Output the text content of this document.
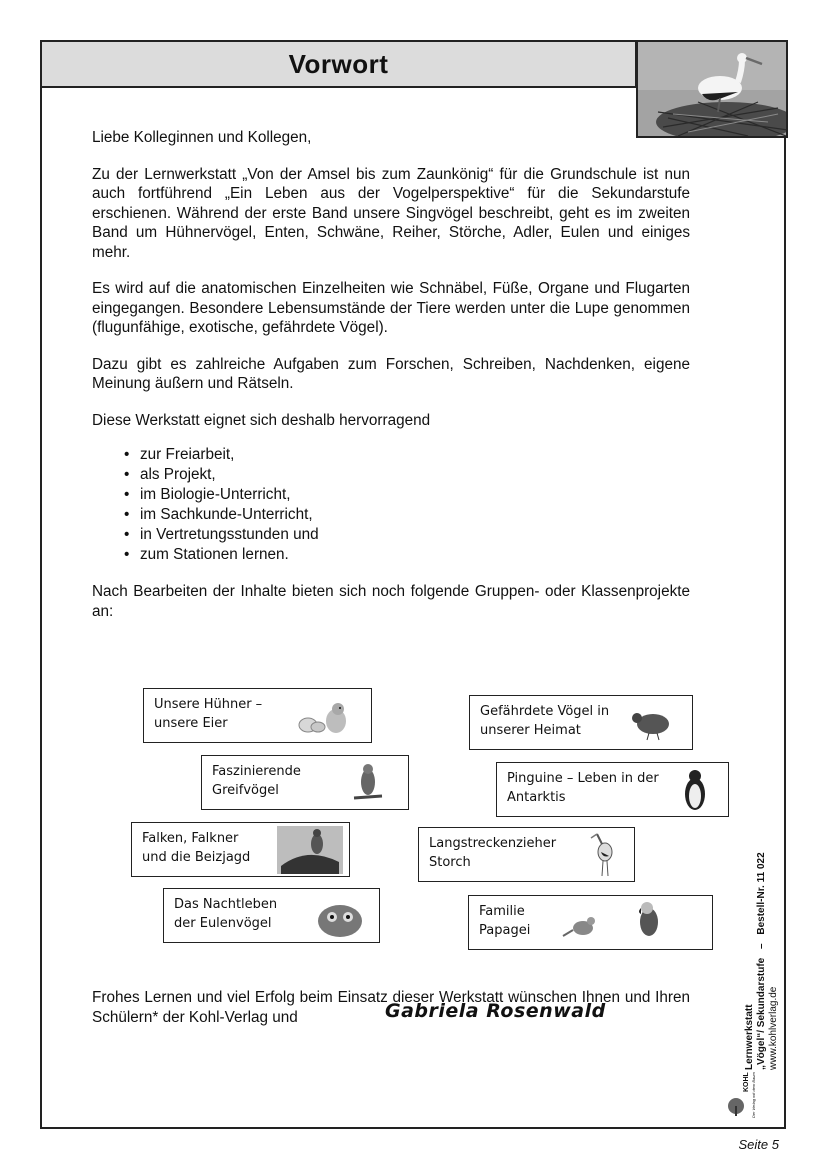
Vorwort

Liebe Kolleginnen und Kollegen,

Zu der Lernwerkstatt „Von der Amsel bis zum Zaunkönig“ für die Grundschule ist nun auch fortführend „Ein Leben aus der Vogelperspektive“ für die Sekundarstufe erschienen. Während der erste Band unsere Singvögel beschreibt, geht es im zweiten Band um Hühnervögel, Enten, Schwäne, Reiher, Störche, Adler, Eulen und einiges mehr.

Es wird auf die anatomischen Einzelheiten wie Schnäbel, Füße, Organe und Flugarten eingegangen. Besondere Lebensumstände der Tiere werden unter die Lupe genommen (flugunfähige, exotische, gefährdete Vögel).

Dazu gibt es zahlreiche Aufgaben zum Forschen, Schreiben, Nachdenken, eigene Meinung äußern und Rätseln.

Diese Werkstatt eignet sich deshalb hervorragend

• zur Freiarbeit,
• als Projekt,
• im Biologie-Unterricht,
• im Sachkunde-Unterricht,
• in Vertretungsstunden und
• zum Stationen lernen.

Nach Bearbeiten der Inhalte bieten sich noch folgende Gruppen- oder Klassenprojekte an:

Unsere Hühner –
unsere Eier
Gefährdete Vögel in
unserer Heimat
Faszinierende
Greifvögel
Pinguine – Leben in der
Antarktis
Falken, Falkner
und die Beizjagd
Langstreckenzieher
Storch
Das Nachtleben
der Eulenvögel
Familie
Papagei

Frohes Lernen und viel Erfolg beim Einsatz dieser Werkstatt wünschen Ihnen und Ihren Schülern* der Kohl-Verlag und	Gabriela Rosenwald	Lernwerkstatt „Vögel“/ Sekundarstufe – Bestell-Nr. 11 022
www.kohlverlag.de
KOHL Der Verlag mit dem Baum
Seite 5
